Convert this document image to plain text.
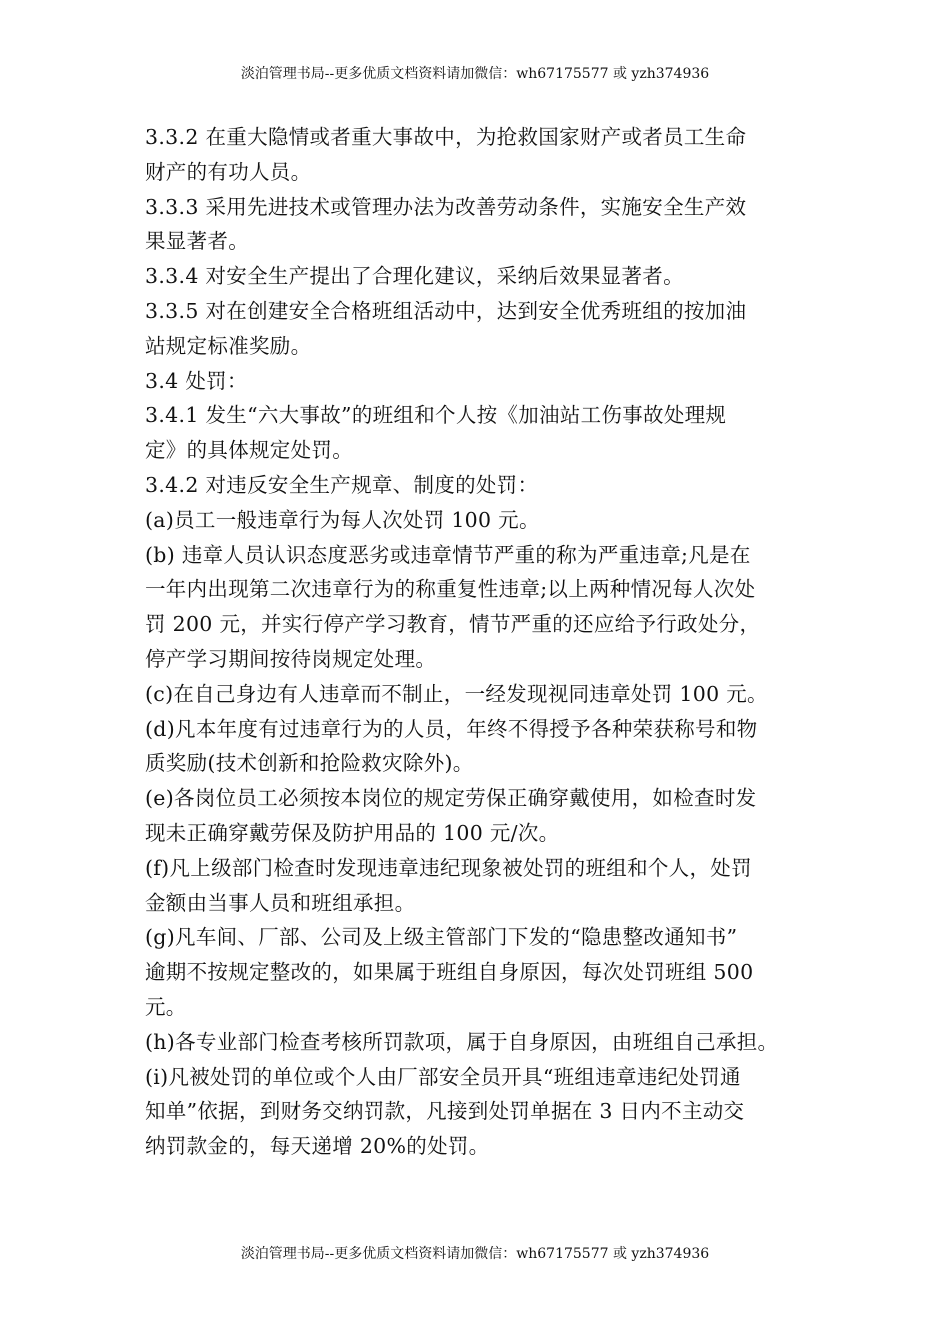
淡泊管理书局--更多优质文档资料请加微信：wh67175577 或 yzh374936
3.3.2 在重大隐情或者重大事故中，为抢救国家财产或者员工生命
财产的有功人员。
3.3.3 采用先进技术或管理办法为改善劳动条件，实施安全生产效
果显著者。
3.3.4 对安全生产提出了合理化建议，采纳后效果显著者。
3.3.5 对在创建安全合格班组活动中，达到安全优秀班组的按加油
站规定标准奖励。
3.4 处罚：
3.4.1 发生“六大事故”的班组和个人按《加油站工伤事故处理规
定》的具体规定处罚。
3.4.2 对违反安全生产规章、制度的处罚：
(a)员工一般违章行为每人次处罚 100 元。
(b) 违章人员认识态度恶劣或违章情节严重的称为严重违章;凡是在
一年内出现第二次违章行为的称重复性违章;以上两种情况每人次处
罚 200 元，并实行停产学习教育，情节严重的还应给予行政处分，
停产学习期间按待岗规定处理。
(c)在自己身边有人违章而不制止，一经发现视同违章处罚 100 元。
(d)凡本年度有过违章行为的人员，年终不得授予各种荣获称号和物
质奖励(技术创新和抢险救灾除外)。
(e)各岗位员工必须按本岗位的规定劳保正确穿戴使用，如检查时发
现未正确穿戴劳保及防护用品的 100 元/次。
(f)凡上级部门检查时发现违章违纪现象被处罚的班组和个人，处罚
金额由当事人员和班组承担。
(g)凡车间、厂部、公司及上级主管部门下发的“隐患整改通知书”
逾期不按规定整改的，如果属于班组自身原因，每次处罚班组 500
元。
(h)各专业部门检查考核所罚款项，属于自身原因，由班组自己承担。
(i)凡被处罚的单位或个人由厂部安全员开具“班组违章违纪处罚通
知单”依据，到财务交纳罚款，凡接到处罚单据在 3 日内不主动交
纳罚款金的，每天递增 20%的处罚。
淡泊管理书局--更多优质文档资料请加微信：wh67175577 或 yzh374936
